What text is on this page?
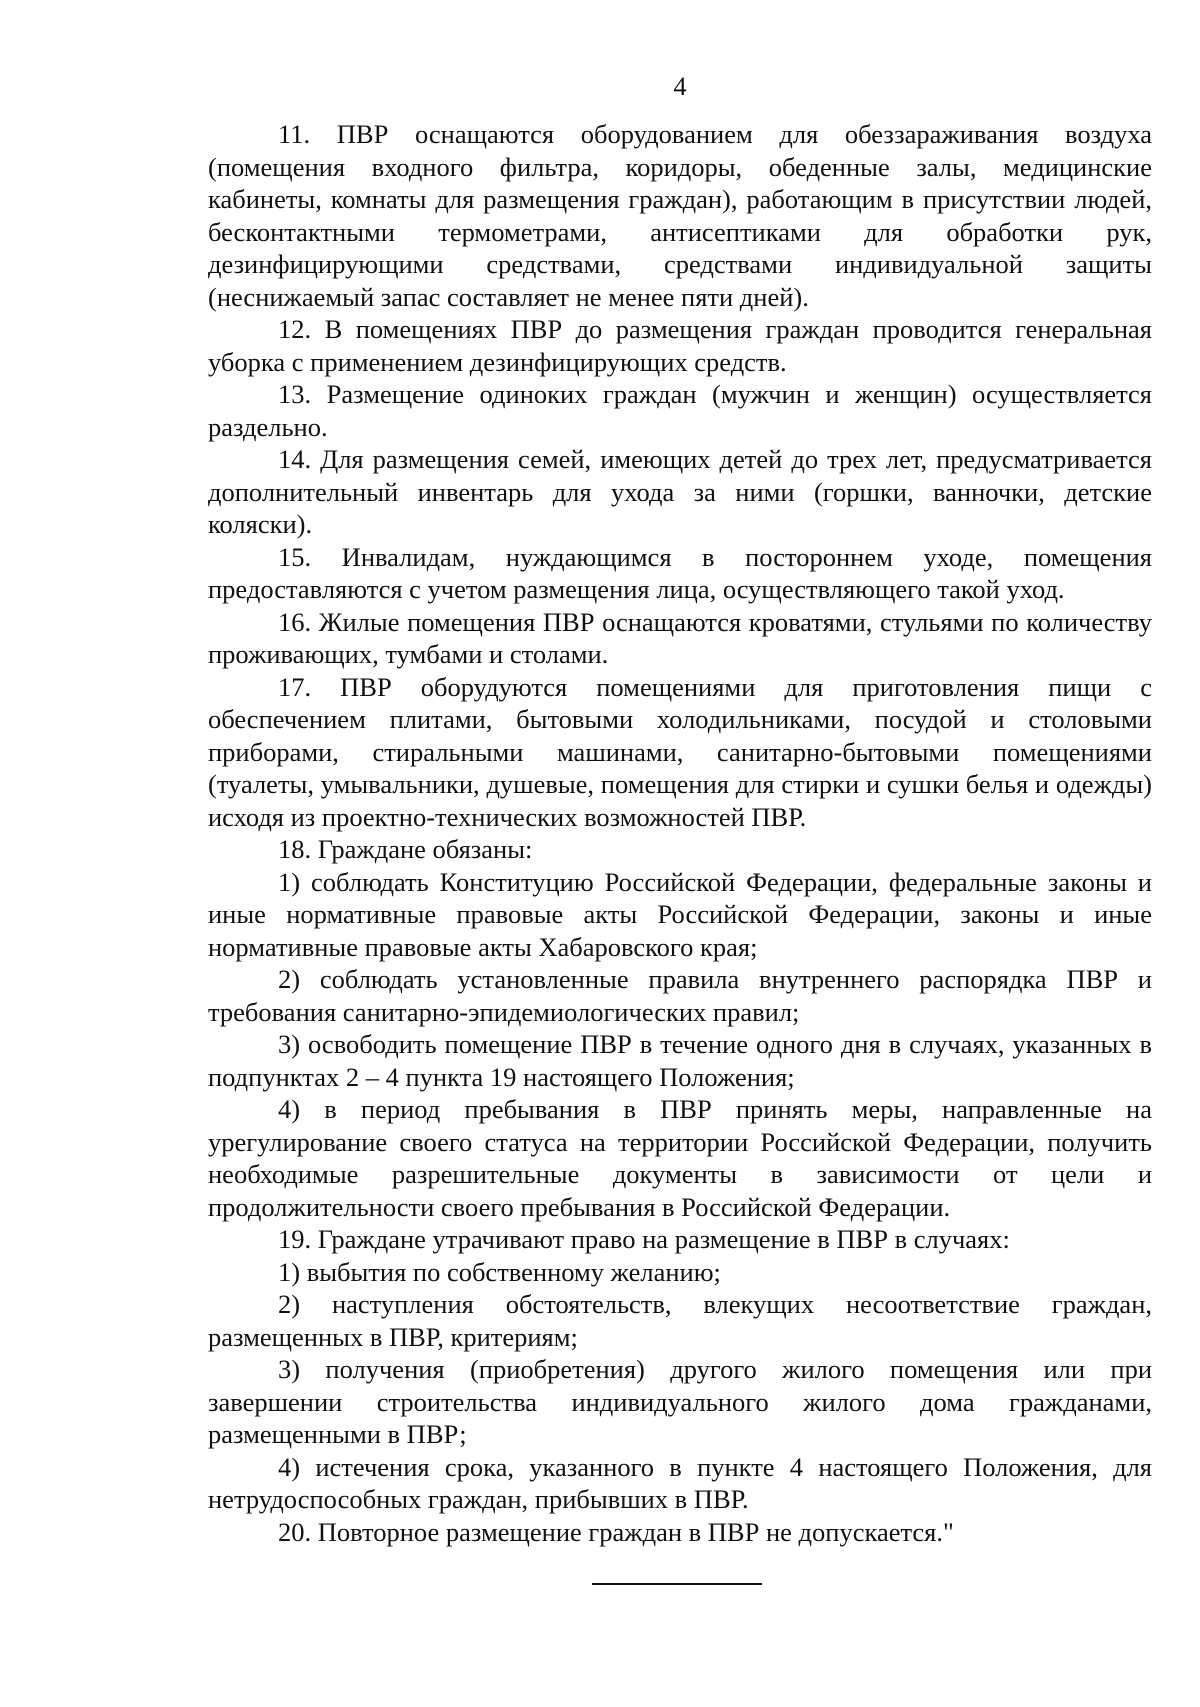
4

11. ПВР оснащаются оборудованием для обеззараживания воздуха (помещения входного фильтра, коридоры, обеденные залы, медицинские кабинеты, комнаты для размещения граждан), работающим в присутствии людей, бесконтактными термометрами, антисептиками для обработки рук, дезинфицирующими средствами, средствами индивидуальной защиты (неснижаемый запас составляет не менее пяти дней).

12. В помещениях ПВР до размещения граждан проводится генеральная уборка с применением дезинфицирующих средств.

13. Размещение одиноких граждан (мужчин и женщин) осуществляется раздельно.

14. Для размещения семей, имеющих детей до трех лет, предусматривается дополнительный инвентарь для ухода за ними (горшки, ванночки, детские коляски).

15. Инвалидам, нуждающимся в постороннем уходе, помещения предоставляются с учетом размещения лица, осуществляющего такой уход.

16. Жилые помещения ПВР оснащаются кроватями, стульями по количеству проживающих, тумбами и столами.

17. ПВР оборудуются помещениями для приготовления пищи с обеспечением плитами, бытовыми холодильниками, посудой и столовыми приборами, стиральными машинами, санитарно-бытовыми помещениями (туалеты, умывальники, душевые, помещения для стирки и сушки белья и одежды) исходя из проектно-технических возможностей ПВР.

18. Граждане обязаны:

1) соблюдать Конституцию Российской Федерации, федеральные законы и иные нормативные правовые акты Российской Федерации, законы и иные нормативные правовые акты Хабаровского края;

2) соблюдать установленные правила внутреннего распорядка ПВР и требования санитарно-эпидемиологических правил;

3) освободить помещение ПВР в течение одного дня в случаях, указанных в подпунктах 2 – 4 пункта 19 настоящего Положения;

4) в период пребывания в ПВР принять меры, направленные на урегулирование своего статуса на территории Российской Федерации, получить необходимые разрешительные документы в зависимости от цели и продолжительности своего пребывания в Российской Федерации.

19. Граждане утрачивают право на размещение в ПВР в случаях:

1) выбытия по собственному желанию;

2) наступления обстоятельств, влекущих несоответствие граждан, размещенных в ПВР, критериям;

3) получения (приобретения) другого жилого помещения или при завершении строительства индивидуального жилого дома гражданами, размещенными в ПВР;

4) истечения срока, указанного в пункте 4 настоящего Положения, для нетрудоспособных граждан, прибывших в ПВР.

20. Повторное размещение граждан в ПВР не допускается."
